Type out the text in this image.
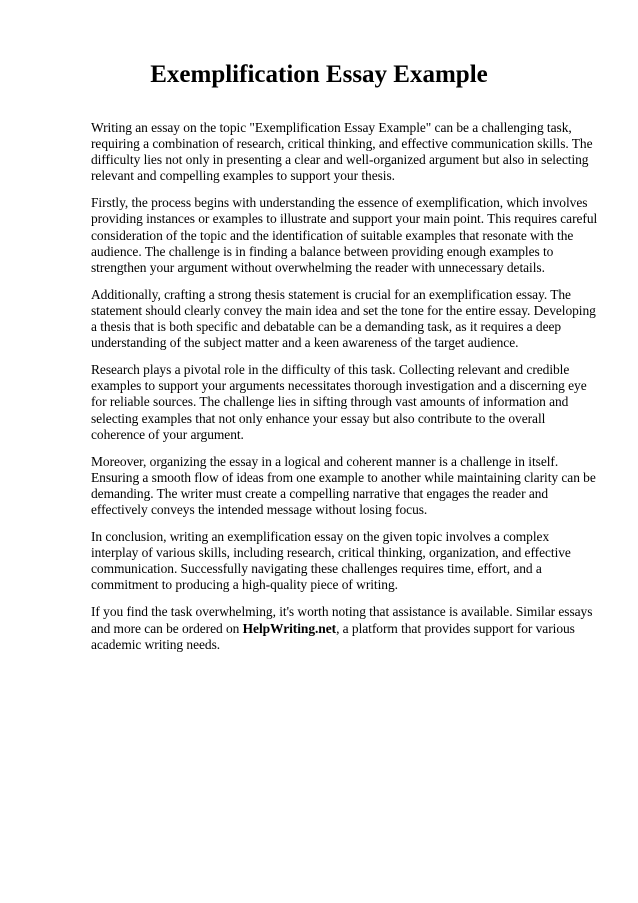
Exemplification Essay Example

Writing an essay on the topic "Exemplification Essay Example" can be a challenging task, requiring a combination of research, critical thinking, and effective communication skills. The difficulty lies not only in presenting a clear and well-organized argument but also in selecting relevant and compelling examples to support your thesis.

Firstly, the process begins with understanding the essence of exemplification, which involves providing instances or examples to illustrate and support your main point. This requires careful consideration of the topic and the identification of suitable examples that resonate with the audience. The challenge is in finding a balance between providing enough examples to strengthen your argument without overwhelming the reader with unnecessary details.

Additionally, crafting a strong thesis statement is crucial for an exemplification essay. The statement should clearly convey the main idea and set the tone for the entire essay. Developing a thesis that is both specific and debatable can be a demanding task, as it requires a deep understanding of the subject matter and a keen awareness of the target audience.

Research plays a pivotal role in the difficulty of this task. Collecting relevant and credible examples to support your arguments necessitates thorough investigation and a discerning eye for reliable sources. The challenge lies in sifting through vast amounts of information and selecting examples that not only enhance your essay but also contribute to the overall coherence of your argument.

Moreover, organizing the essay in a logical and coherent manner is a challenge in itself. Ensuring a smooth flow of ideas from one example to another while maintaining clarity can be demanding. The writer must create a compelling narrative that engages the reader and effectively conveys the intended message without losing focus.

In conclusion, writing an exemplification essay on the given topic involves a complex interplay of various skills, including research, critical thinking, organization, and effective communication. Successfully navigating these challenges requires time, effort, and a commitment to producing a high-quality piece of writing.

If you find the task overwhelming, it's worth noting that assistance is available. Similar essays and more can be ordered on HelpWriting.net, a platform that provides support for various academic writing needs.
